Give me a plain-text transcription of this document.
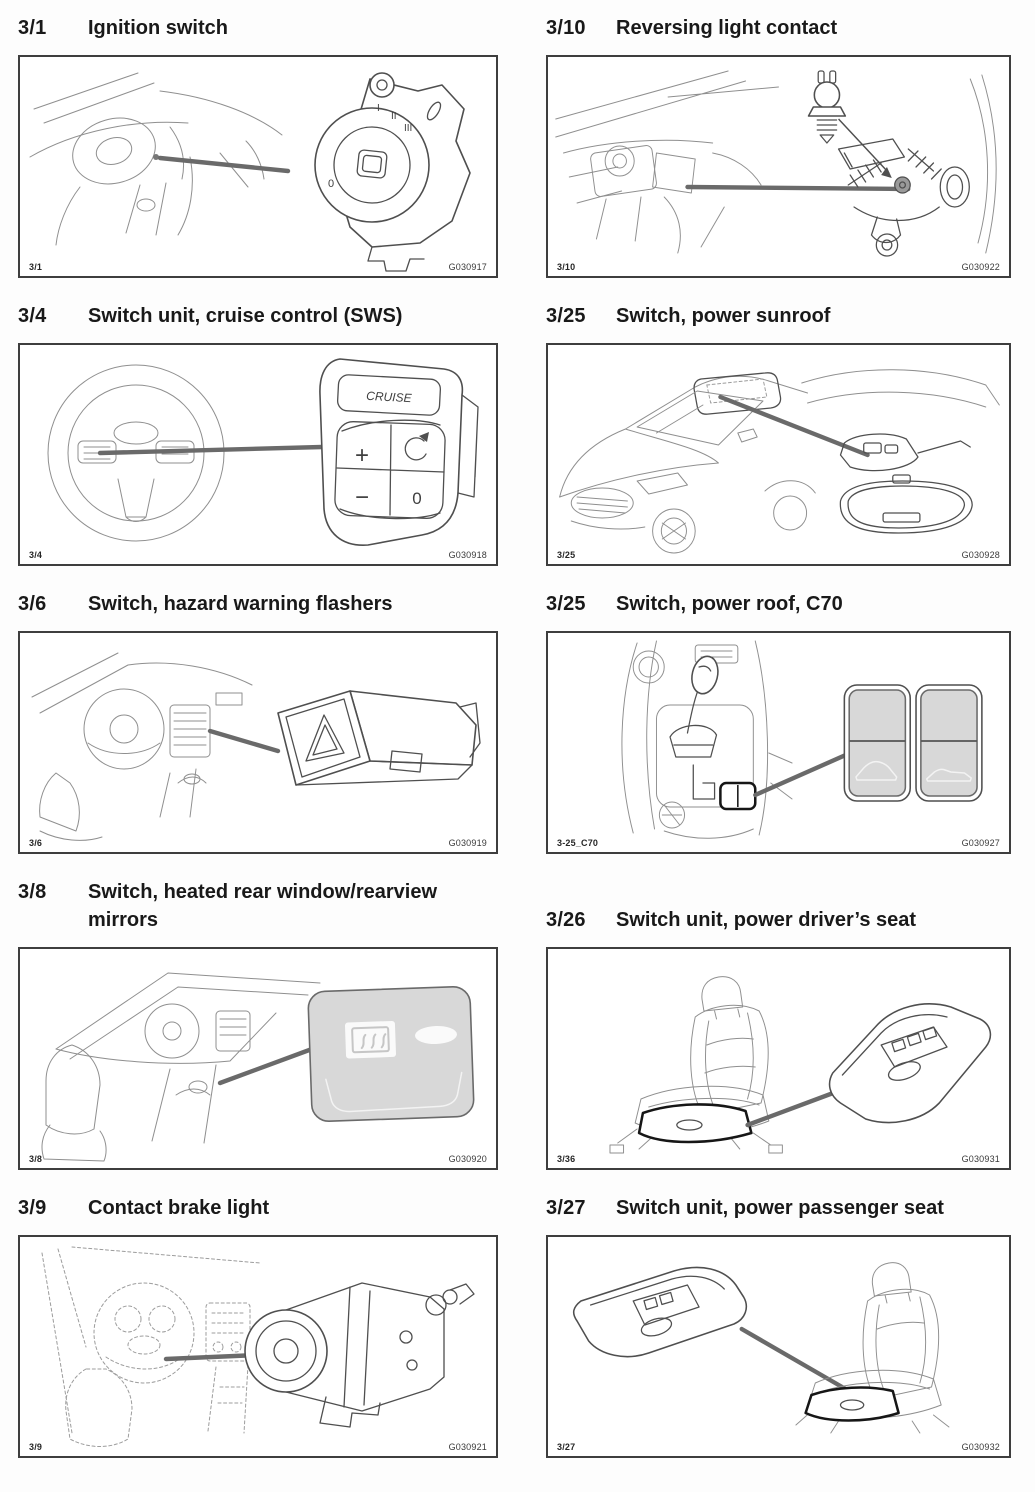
3/1	Ignition switch
I
II
III
0
3/1	G030917
3/10	Reversing light contact
3/10	G030922
3/4	Switch unit, cruise control (SWS)
CRUISE
+
−	0
3/4	G030918
3/25	Switch, power sunroof
3/25	G030928
3/6	Switch, hazard warning flashers
3/6	G030919
3/25	Switch, power roof, C70
3-25_C70	G030927
3/8	Switch, heated rear window/rearview mirrors
3/8	G030920
3/26	Switch unit, power driver’s seat
3/36	G030931
3/9	Contact brake light
3/9	G030921
3/27	Switch unit, power passenger seat
3/27	G030932
